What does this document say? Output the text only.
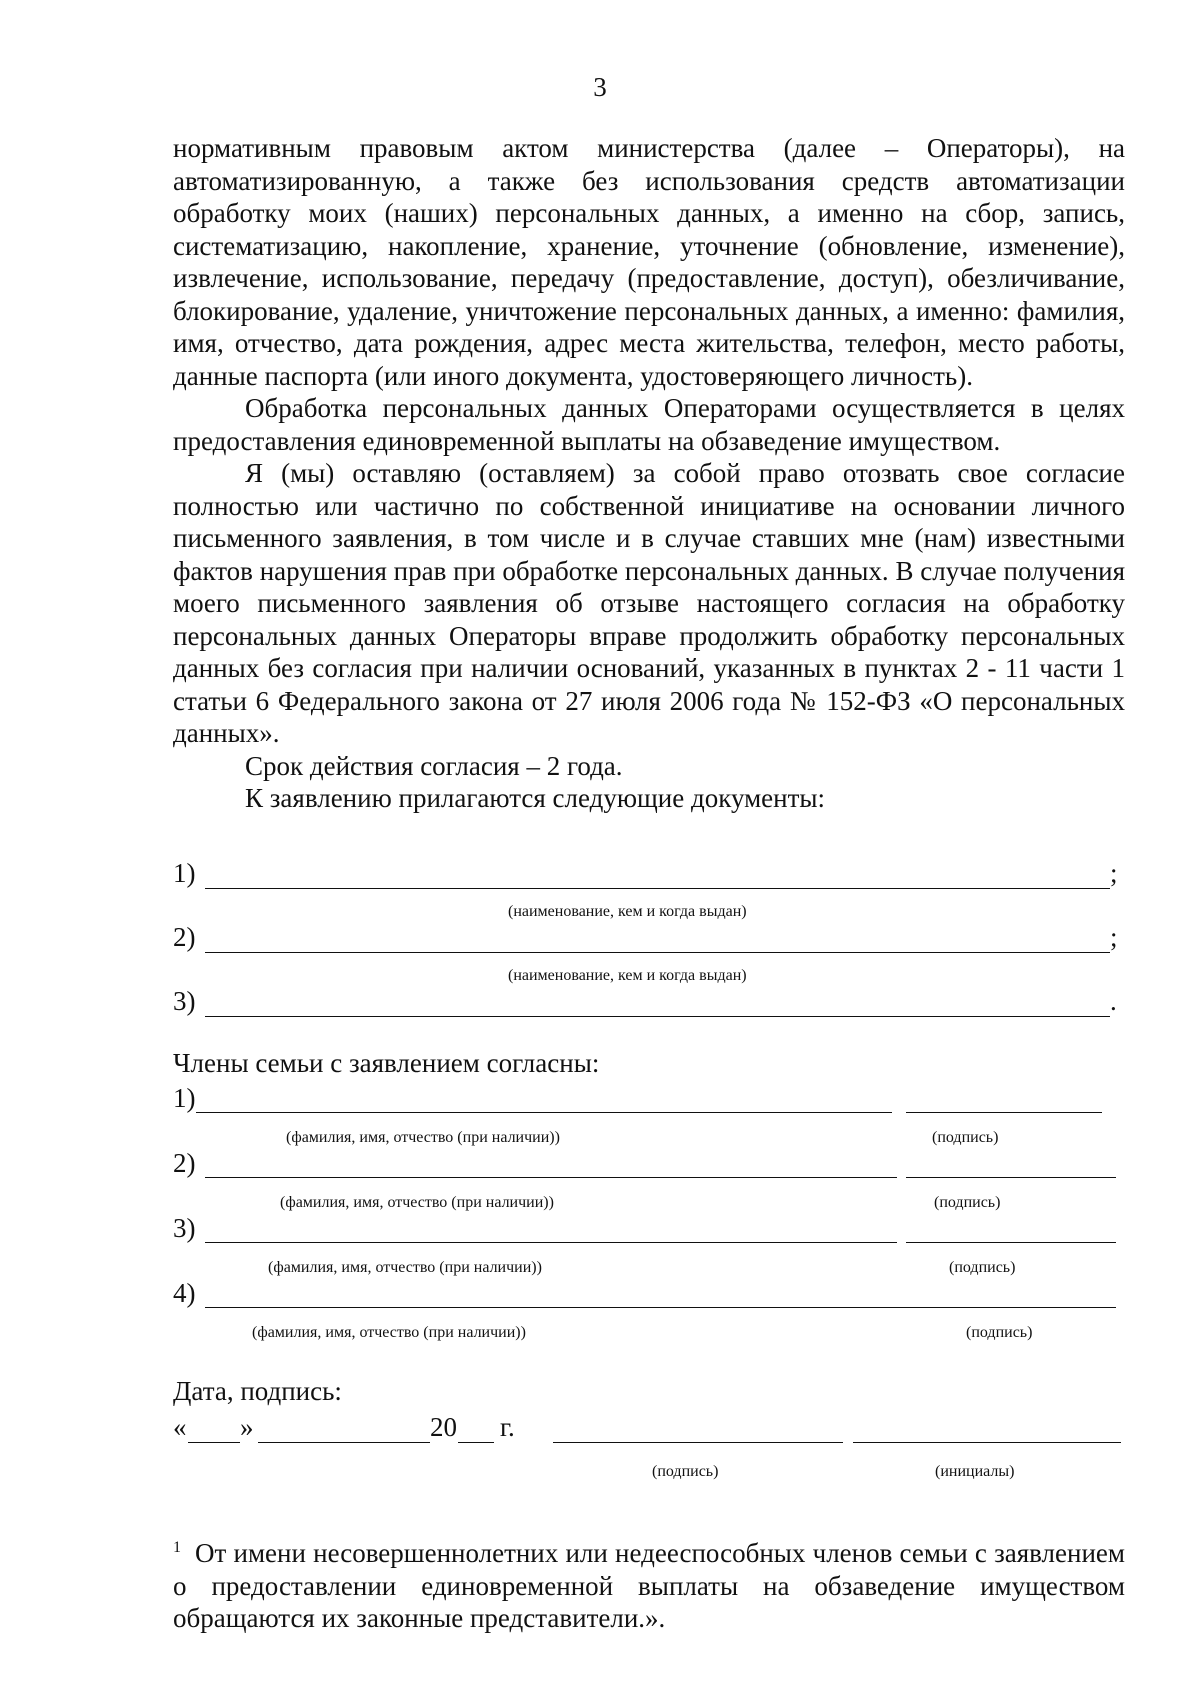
3

нормативным правовым актом министерства (далее – Операторы), на автоматизированную, а также без использования средств автоматизации обработку моих (наших) персональных данных, а именно на сбор, запись, систематизацию, накопление, хранение, уточнение (обновление, изменение), извлечение, использование, передачу (предоставление, доступ), обезличивание, блокирование, удаление, уничтожение персональных данных, а именно: фамилия, имя, отчество, дата рождения, адрес места жительства, телефон, место работы, данные паспорта (или иного документа, удостоверяющего личность).

Обработка персональных данных Операторами осуществляется в целях предоставления единовременной выплаты на обзаведение имуществом.

Я (мы) оставляю (оставляем) за собой право отозвать свое согласие полностью или частично по собственной инициативе на основании личного письменного заявления, в том числе и в случае ставших мне (нам) известными фактов нарушения прав при обработке персональных данных. В случае получения моего письменного заявления об отзыве настоящего согласия на обработку персональных данных Операторы вправе продолжить обработку персональных данных без согласия при наличии оснований, указанных в пунктах 2 - 11 части 1 статьи 6 Федерального закона от 27 июля 2006 года № 152-ФЗ «О персональных данных».

Срок действия согласия – 2 года.

К заявлению прилагаются следующие документы:

1)	;
(наименование, кем и когда выдан)
2)	;
(наименование, кем и когда выдан)
3)	.
Члены семьи с заявлением согласны:
1)
(фамилия, имя, отчество (при наличии))	(подпись)
2)
(фамилия, имя, отчество (при наличии))	(подпись)
3)
(фамилия, имя, отчество (при наличии))	(подпись)
4)
(фамилия, имя, отчество (при наличии))	(подпись)
Дата, подпись:
« »	20 г.
(подпись)	(инициалы)
$^1$ От имени несовершеннолетних или недееспособных членов семьи с заявлением о предоставлении единовременной выплаты на обзаведение имуществом обращаются их законные представители.».
